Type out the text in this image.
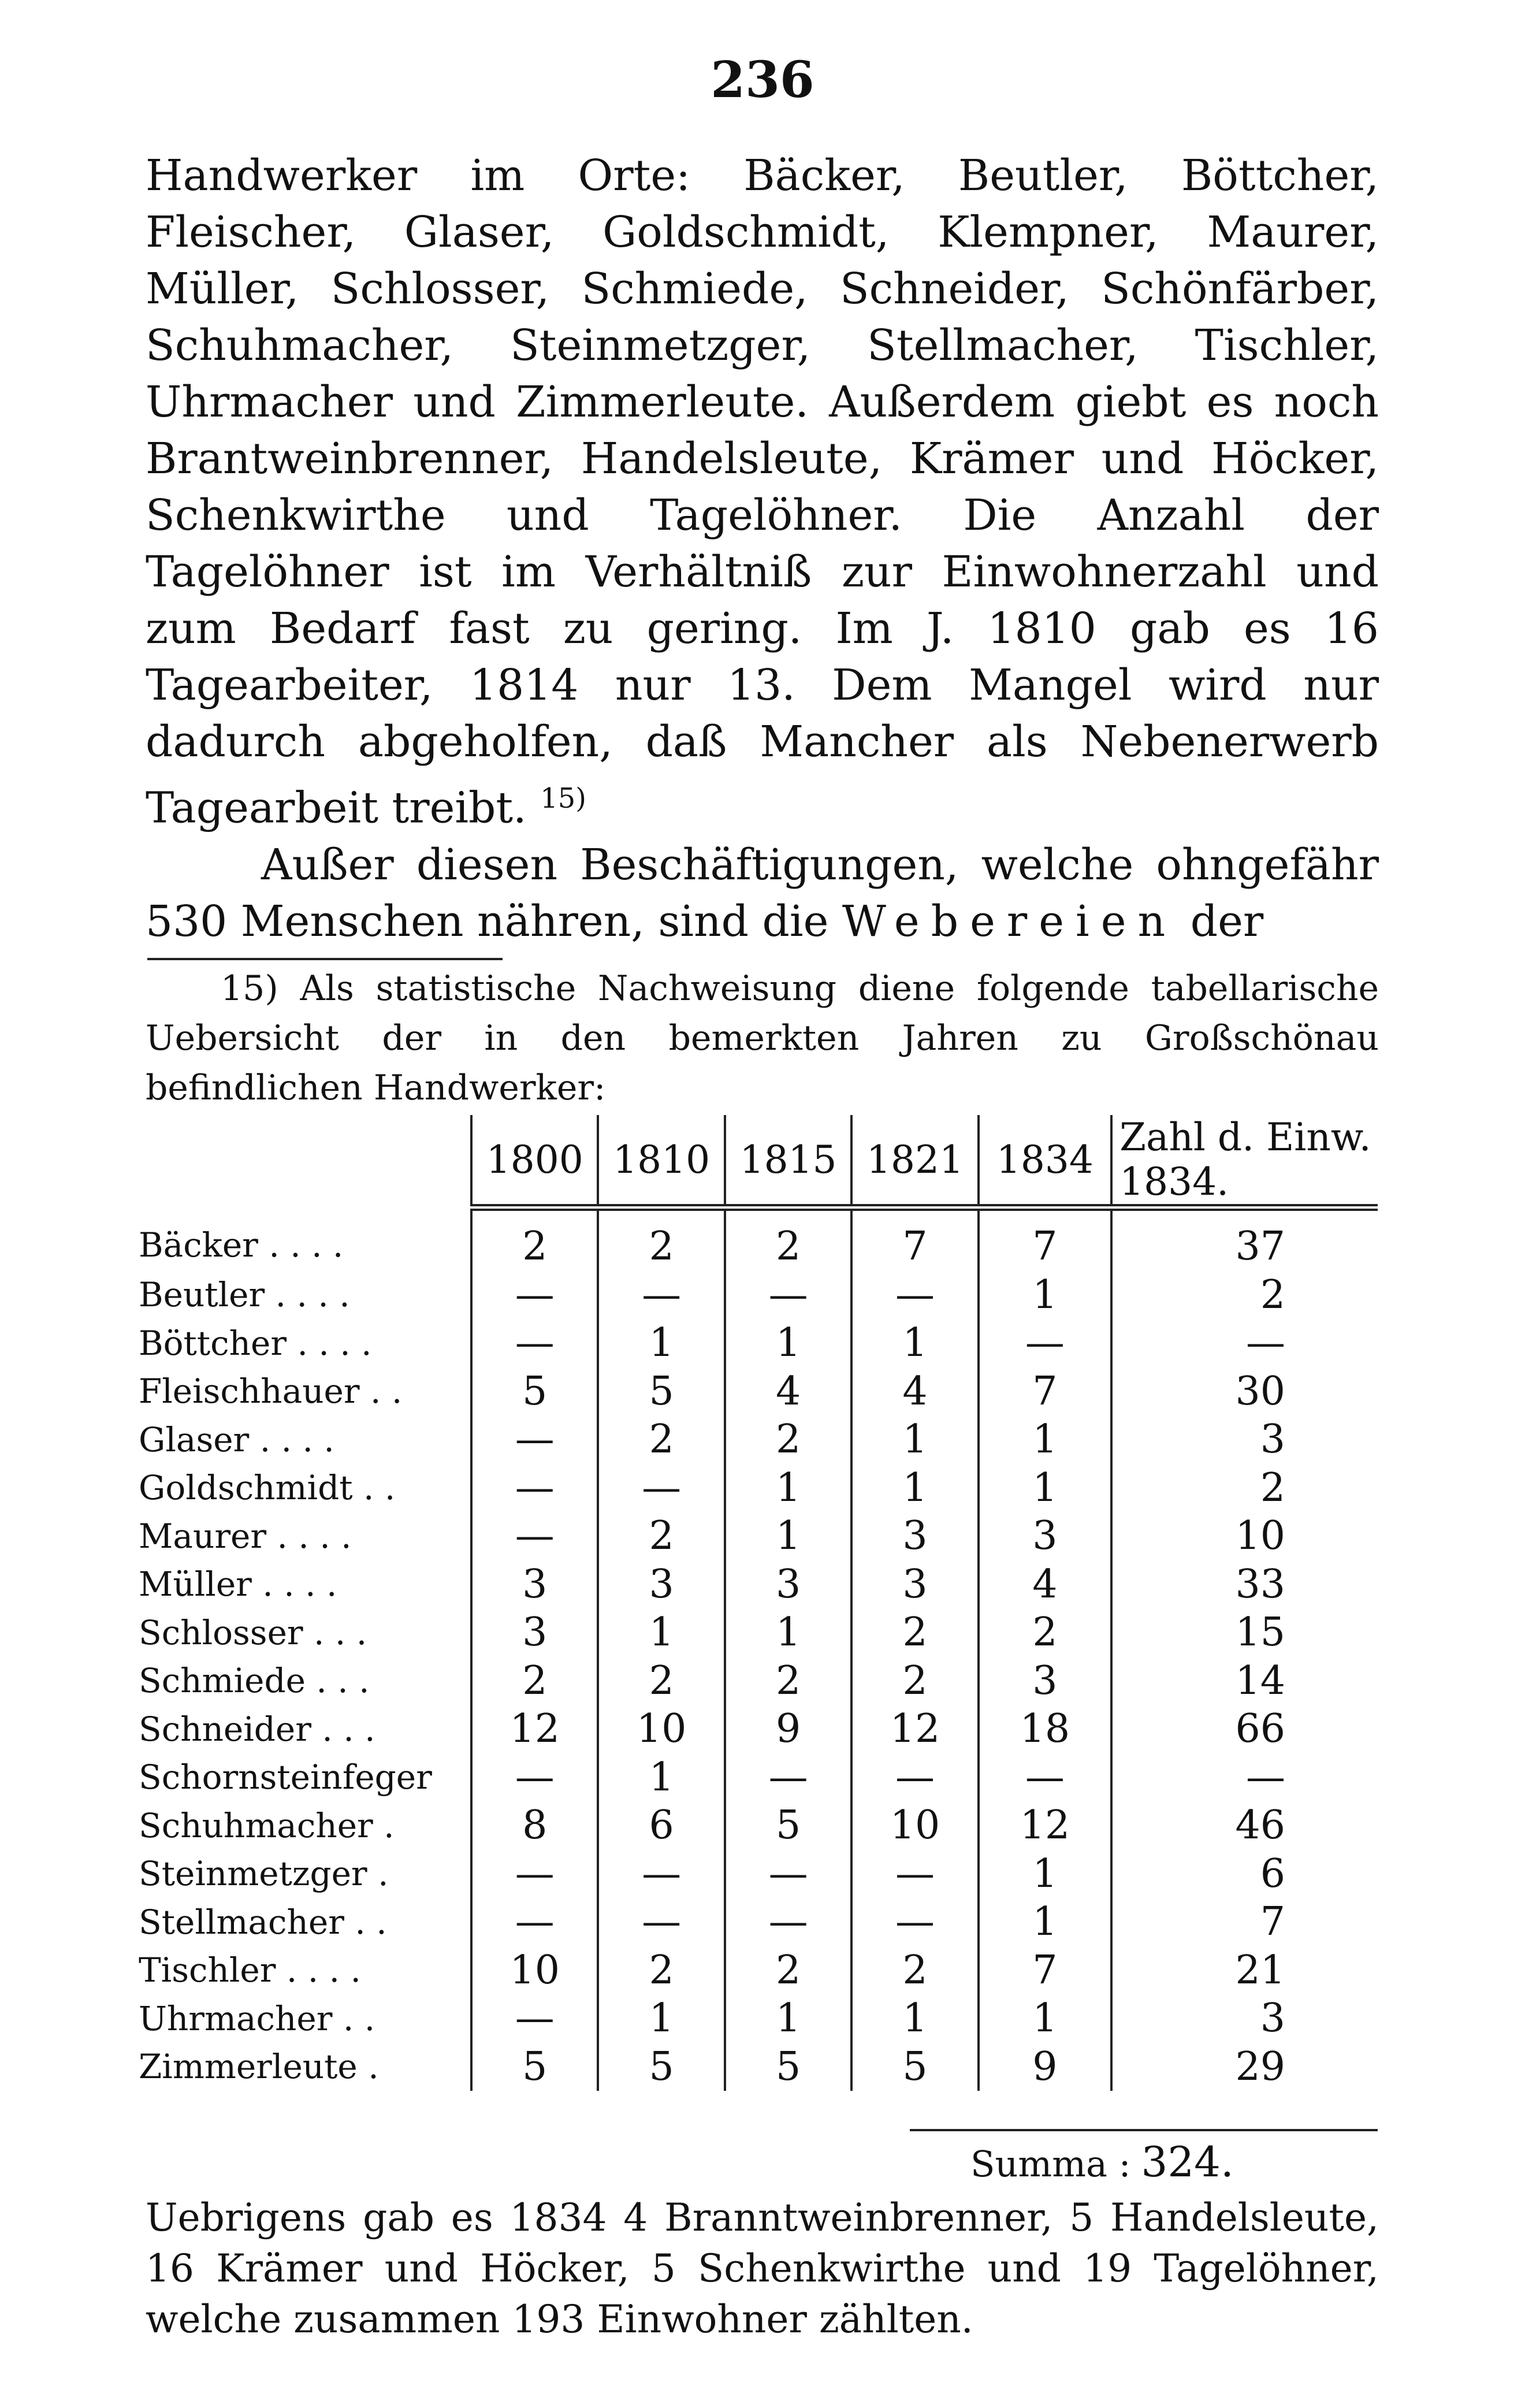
236

Handwerker im Orte: Bäcker, Beutler, Böttcher, Fleischer, Glaser, Goldschmidt, Klempner, Maurer, Müller, Schlosser, Schmiede, Schneider, Schönfärber, Schuhmacher, Steinmetzger, Stellmacher, Tischler, Uhrmacher und Zimmerleute. Außerdem giebt es noch Brantweinbrenner, Handelsleute, Krämer und Höcker, Schenkwirthe und Tagelöhner. Die Anzahl der Tagelöhner ist im Verhältniß zur Einwohnerzahl und zum Bedarf fast zu gering. Im J. 1810 gab es 16 Tagearbeiter, 1814 nur 13. Dem Mangel wird nur dadurch abgeholfen, daß Mancher als Nebenerwerb Tagearbeit treibt. $^{15)}$

Außer diesen Beschäftigungen, welche ohngefähr 530 Menschen nähren, sind die Webereien der

15) Als statistische Nachweisung diene folgende tabellarische Uebersicht der in den bemerkten Jahren zu Großschönau befindlichen Handwerker:

	1800	1810	1815	1821	1834	Zahl d. Einw. 1834.
Bäcker . . . .	2	2	2	7	7	37
Beutler . . . .	—	—	—	—	1	2
Böttcher . . . .	—	1	1	1	—	—
Fleischhauer . .	5	5	4	4	7	30
Glaser . . . .	—	2	2	1	1	3
Goldschmidt . .	—	—	1	1	1	2
Maurer . . . .	—	2	1	3	3	10
Müller . . . .	3	3	3	3	4	33
Schlosser . . .	3	1	1	2	2	15
Schmiede . . .	2	2	2	2	3	14
Schneider . . .	12	10	9	12	18	66
Schornsteinfeger	—	1	—	—	—	—
Schuhmacher .	8	6	5	10	12	46
Steinmetzger .	—	—	—	—	1	6
Stellmacher . .	—	—	—	—	1	7
Tischler . . . .	10	2	2	2	7	21
Uhrmacher . .	—	1	1	1	1	3
Zimmerleute .	5	5	5	5	9	29
Summa : 324.

Uebrigens gab es 1834 4 Branntweinbrenner, 5 Handelsleute, 16 Krämer und Höcker, 5 Schenkwirthe und 19 Tagelöhner, welche zusammen 193 Einwohner zählten.
